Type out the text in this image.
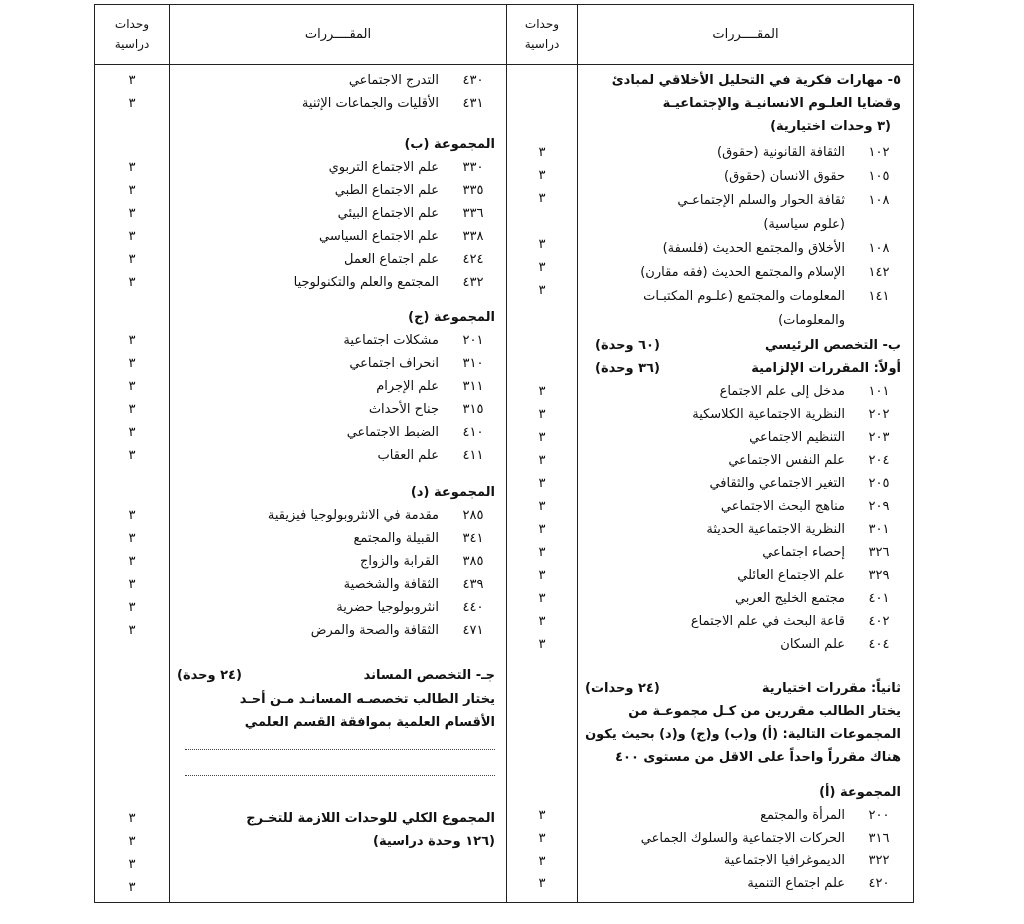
وحدات
دراسية
المقــــررات
وحدات
دراسية
المقــــررات
٥- مهارات فكرية في التحليل الأخلاقي لمبادئ
وقضايا العلـوم الانسانيـة والإجتماعيـة
(٣ وحدات اختيارية)
١٠٢
الثقافة القانونية (حقوق)
١٠٥
حقوق الانسان (حقوق)
١٠٨
ثقافة الحوار والسلم الإجتماعـي
(علوم سياسية)
١٠٨
الأخلاق والمجتمع الحديث (فلسفة)
١٤٢
الإسلام والمجتمع الحديث (فقه مقارن)
١٤١
المعلومات والمجتمع (علـوم المكتبـات
والمعلومات)
ب- التخصص الرئيسي
(٦٠ وحدة)
أولاً: المقررات الإلزامية
(٣٦ وحدة)
١٠١
مدخل إلى علم الاجتماع
٢٠٢
النظرية الاجتماعية الكلاسكية
٢٠٣
التنظيم الاجتماعي
٢٠٤
علم النفس الاجتماعي
٢٠٥
التغير الاجتماعي والثقافي
٢٠٩
مناهج البحث الاجتماعي
٣٠١
النظرية الاجتماعية الحديثة
٣٢٦
إحصاء اجتماعي
٣٢٩
علم الاجتماع العائلي
٤٠١
مجتمع الخليج العربي
٤٠٢
قاعة البحث في علم الاجتماع
٤٠٤
علم السكان
ثانياً: مقررات اختيارية
(٢٤ وحدات)
يختار الطالب مقررين من كـل مجموعـة من
المجموعات التالية: (أ) و(ب) و(ج) و(د) بحيث يكون
هناك مقرراً واحداً على الاقل من مستوى ٤٠٠
المجموعة (أ)
٢٠٠
المرأة والمجتمع
٣١٦
الحركات الاجتماعية والسلوك الجماعي
٣٢٢
الديموغرافيا الاجتماعية
٤٢٠
علم اجتماع التنمية
٤٣٠
التدرج الاجتماعي
٤٣١
الأقليات والجماعات الإثنية
المجموعة (ب)
٣٣٠
علم الاجتماع التربوي
٣٣٥
علم الاجتماع الطبي
٣٣٦
علم الاجتماع البيئي
٣٣٨
علم الاجتماع السياسي
٤٢٤
علم اجتماع العمل
٤٣٢
المجتمع والعلم والتكنولوجيا
المجموعة (ج)
٢٠١
مشكلات اجتماعية
٣١٠
انحراف اجتماعي
٣١١
علم الإجرام
٣١٥
جناح الأحداث
٤١٠
الضبط الاجتماعي
٤١١
علم العقاب
المجموعة (د)
٢٨٥
مقدمة في الانثروبولوجيا فيزيقية
٣٤١
القبيلة والمجتمع
٣٨٥
القرابة والزواج
٤٣٩
الثقافة والشخصية
٤٤٠
انثروبولوجيا حضرية
٤٧١
الثقافة والصحة والمرض
جـ- التخصص المساند
(٢٤ وحدة)
يختار الطالب تخصصـه المسانـد مـن أحـد
الأقسام العلمية بموافقة القسم العلمي
المجموع الكلي للوحدات اللازمة للتخـرج
(١٢٦ وحدة دراسية)
٣
٣
٣
٣
٣
٣
٣
٣
٣
٣
٣
٣
٣
٣
٣
٣
٣
٣
٣
٣
٣
٣
٣
٣
٣
٣
٣
٣
٣
٣
٣
٣
٣
٣
٣
٣
٣
٣
٣
٣
٣
٣
٣
٣
٣
٣
